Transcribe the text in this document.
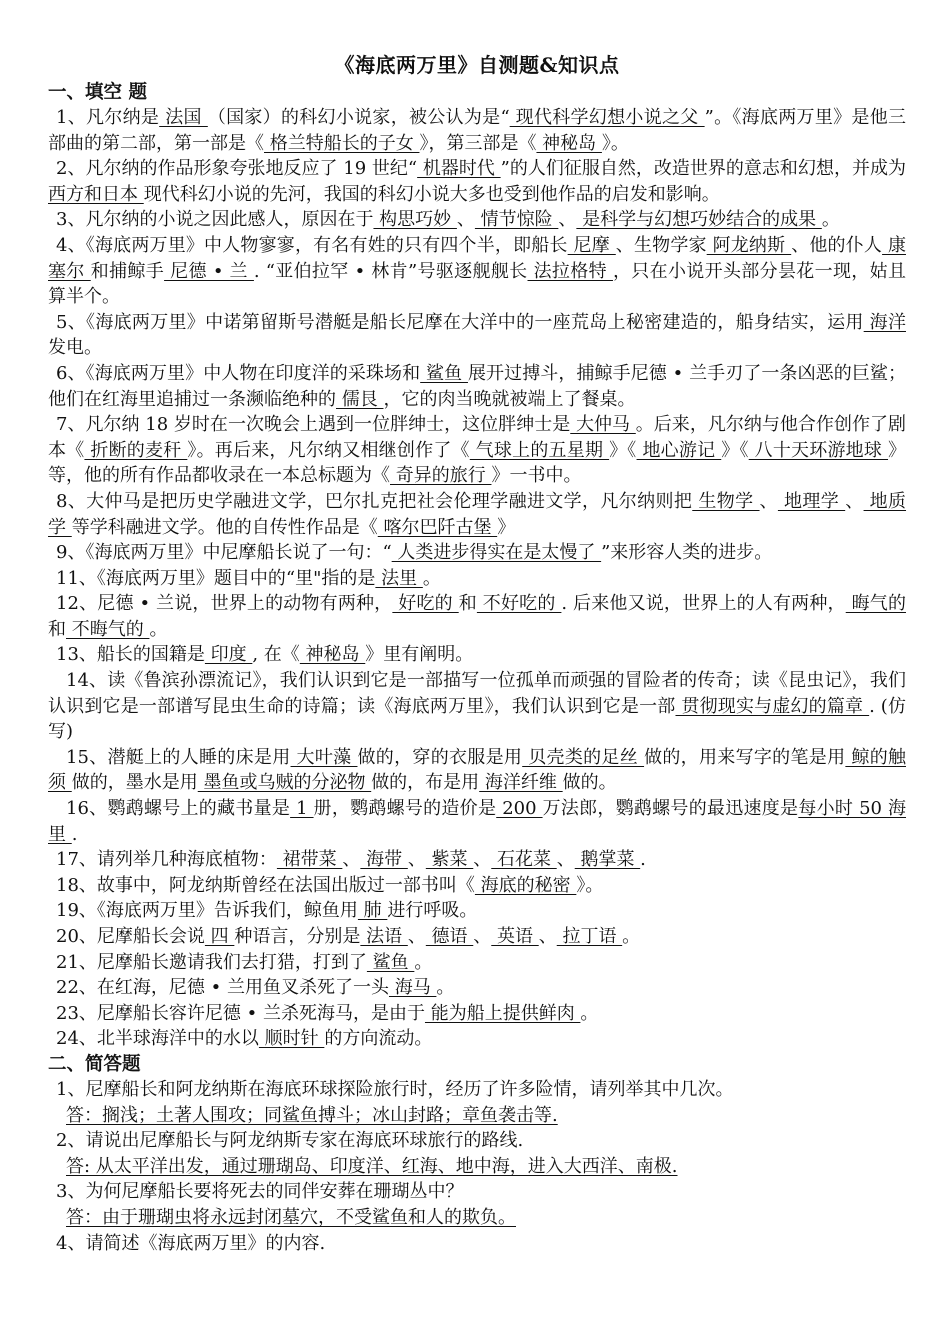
《海底两万里》自测题&知识点
一、填空 题

1、凡尔纳是 法国 （国家）的科幻小说家，被公认为是“ 现代科学幻想小说之父 ”。《海底两万里》是他三部曲的第二部，第一部是《 格兰特船长的子女 》，第三部是《 神秘岛 》。

2、凡尔纳的作品形象夸张地反应了 19 世纪“ 机器时代 ”的人们征服自然，改造世界的意志和幻想，并成为 西方和日本 现代科幻小说的先河，我国的科幻小说大多也受到他作品的启发和影响。

3、凡尔纳的小说之因此感人，原因在于 构思巧妙 、 情节惊险 、 是科学与幻想巧妙结合的成果 。

4、《海底两万里》中人物寥寥，有名有姓的只有四个半，即船长 尼摩 、生物学家 阿龙纳斯 、他的仆人 康塞尔 和捕鲸手 尼德 • 兰 . “亚伯拉罕 • 林肯”号驱逐舰舰长 法拉格特 ，只在小说开头部分昙花一现，姑且算半个。

5、《海底两万里》中诺第留斯号潜艇是船长尼摩在大洋中的一座荒岛上秘密建造的，船身结实，运用 海洋 发电。

6、《海底两万里》中人物在印度洋的采珠场和 鲨鱼 展开过搏斗，捕鲸手尼德 • 兰手刃了一条凶恶的巨鲨；他们在红海里追捕过一条濒临绝种的 儒艮 ，它的肉当晚就被端上了餐桌。

7、凡尔纳 18 岁时在一次晚会上遇到一位胖绅士，这位胖绅士是 大仲马 。后来，凡尔纳与他合作创作了剧本《 折断的麦秆 》。再后来，凡尔纳又相继创作了《 气球上的五星期 》《 地心游记 》《 八十天环游地球 》等，他的所有作品都收录在一本总标题为《 奇异的旅行 》一书中。

8、大仲马是把历史学融进文学，巴尔扎克把社会伦理学融进文学，凡尔纳则把 生物学 、 地理学 、 地质学 等学科融进文学。他的自传性作品是《 喀尔巴阡古堡 》

9、《海底两万里》中尼摩船长说了一句：“ 人类进步得实在是太慢了 ”来形容人类的进步。

11、《海底两万里》题目中的“里"指的是 法里 。

12、尼德 • 兰说，世界上的动物有两种， 好吃的 和 不好吃的 . 后来他又说，世界上的人有两种， 晦气的 和 不晦气的 。

13、船长的国籍是 印度 , 在《 神秘岛 》里有阐明。

14、读《鲁滨孙漂流记》，我们认识到它是一部描写一位孤单而顽强的冒险者的传奇；读《昆虫记》，我们认识到它是一部谱写昆虫生命的诗篇；读《海底两万里》，我们认识到它是一部 贯彻现实与虚幻的篇章 . (仿写)

15、潜艇上的人睡的床是用 大叶藻 做的，穿的衣服是用 贝壳类的足丝 做的，用来写字的笔是用 鲸的触须 做的，墨水是用 墨鱼或乌贼的分泌物 做的，布是用 海洋纤维 做的。

16、鹦鹉螺号上的藏书量是 1 册，鹦鹉螺号的造价是 200 万法郎，鹦鹉螺号的最迅速度是每小时 50 海里 .

17、请列举几种海底植物： 裙带菜 、 海带 、 紫菜 、 石花菜 、 鹅掌菜 .

18、故事中，阿龙纳斯曾经在法国出版过一部书叫《 海底的秘密 》。

19、《海底两万里》告诉我们，鲸鱼用 肺 进行呼吸。

20、尼摩船长会说 四 种语言，分别是 法语 、 德语 、 英语 、 拉丁语 。

21、尼摩船长邀请我们去打猎，打到了 鲨鱼 。

22、在红海，尼德 • 兰用鱼叉杀死了一头 海马 。

23、尼摩船长容许尼德 • 兰杀死海马，是由于 能为船上提供鲜肉 。

24、北半球海洋中的水以 顺时针 的方向流动。

二、简答题

1、尼摩船长和阿龙纳斯在海底环球探险旅行时，经历了许多险情，请列举其中几次。

答：搁浅；土著人围攻；同鲨鱼搏斗；冰山封路；章鱼袭击等.

2、请说出尼摩船长与阿龙纳斯专家在海底环球旅行的路线.

答: 从太平洋出发，通过珊瑚岛、印度洋、红海、地中海，进入大西洋、南极.

3、为何尼摩船长要将死去的同伴安葬在珊瑚丛中？

答：由于珊瑚虫将永远封闭墓穴，不受鲨鱼和人的欺负。

4、请简述《海底两万里》的内容.
